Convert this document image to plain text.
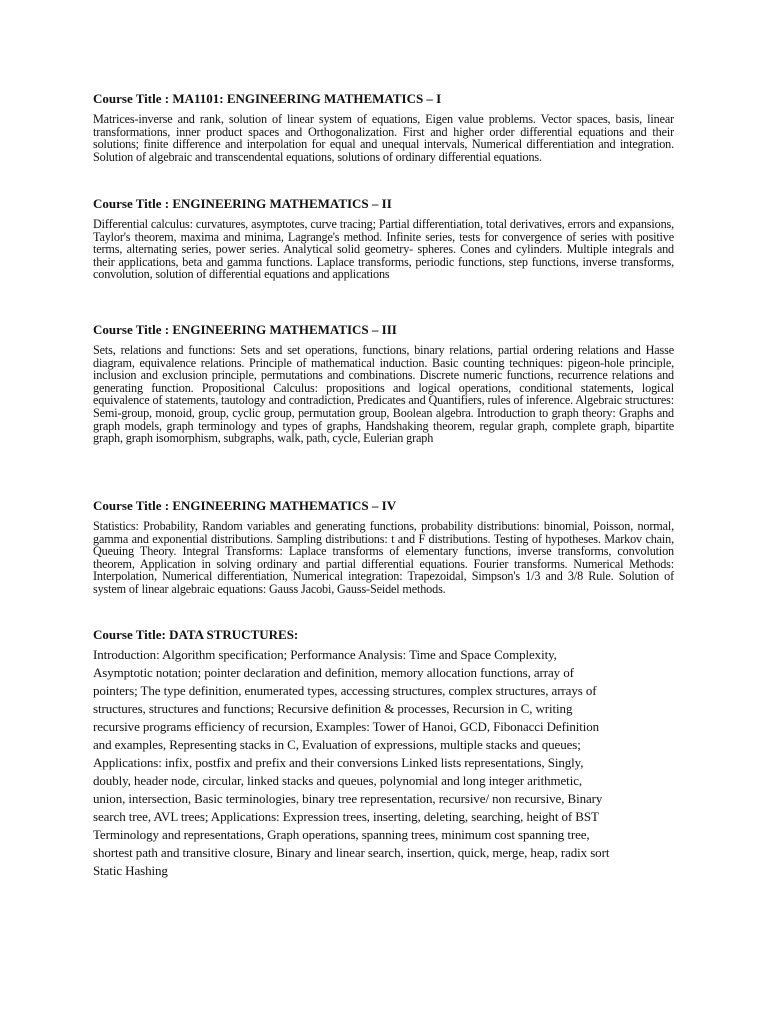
Course Title : MA1101: ENGINEERING MATHEMATICS – I

Matrices-inverse and rank, solution of linear system of equations, Eigen value problems. Vector spaces, basis, linear transformations, inner product spaces and Orthogonalization. First and higher order differential equations and their solutions; finite difference and interpolation for equal and unequal intervals, Numerical differentiation and integration. Solution of algebraic and transcendental equations, solutions of ordinary differential equations.

Course Title : ENGINEERING MATHEMATICS – II

Differential calculus: curvatures, asymptotes, curve tracing; Partial differentiation, total derivatives, errors and expansions, Taylor's theorem, maxima and minima, Lagrange's method. Infinite series, tests for convergence of series with positive terms, alternating series, power series. Analytical solid geometry- spheres. Cones and cylinders. Multiple integrals and their applications, beta and gamma functions. Laplace transforms, periodic functions, step functions, inverse transforms, convolution, solution of differential equations and applications

Course Title : ENGINEERING MATHEMATICS – III

Sets, relations and functions: Sets and set operations, functions, binary relations, partial ordering relations and Hasse diagram, equivalence relations. Principle of mathematical induction. Basic counting techniques: pigeon-hole principle, inclusion and exclusion principle, permutations and combinations. Discrete numeric functions, recurrence relations and generating function. Propositional Calculus: propositions and logical operations, conditional statements, logical equivalence of statements, tautology and contradiction, Predicates and Quantifiers, rules of inference. Algebraic structures: Semi-group, monoid, group, cyclic group, permutation group, Boolean algebra. Introduction to graph theory: Graphs and graph models, graph terminology and types of graphs, Handshaking theorem, regular graph, complete graph, bipartite graph, graph isomorphism, subgraphs, walk, path, cycle, Eulerian graph

Course Title : ENGINEERING MATHEMATICS – IV

Statistics: Probability, Random variables and generating functions, probability distributions: binomial, Poisson, normal, gamma and exponential distributions. Sampling distributions: t and F distributions. Testing of hypotheses. Markov chain, Queuing Theory. Integral Transforms: Laplace transforms of elementary functions, inverse transforms, convolution theorem, Application in solving ordinary and partial differential equations. Fourier transforms. Numerical Methods: Interpolation, Numerical differentiation, Numerical integration: Trapezoidal, Simpson's 1/3 and 3/8 Rule. Solution of system of linear algebraic equations: Gauss Jacobi, Gauss-Seidel methods.

Course Title: DATA STRUCTURES:

Introduction: Algorithm specification; Performance Analysis: Time and Space Complexity,
Asymptotic notation; pointer declaration and definition, memory allocation functions, array of
pointers; The type definition, enumerated types, accessing structures, complex structures, arrays of
structures, structures and functions; Recursive definition & processes, Recursion in C, writing
recursive programs efficiency of recursion, Examples: Tower of Hanoi, GCD, Fibonacci Definition
and examples, Representing stacks in C, Evaluation of expressions, multiple stacks and queues;
Applications: infix, postfix and prefix and their conversions Linked lists representations, Singly,
doubly, header node, circular, linked stacks and queues, polynomial and long integer arithmetic,
union, intersection, Basic terminologies, binary tree representation, recursive/ non recursive, Binary
search tree, AVL trees; Applications: Expression trees, inserting, deleting, searching, height of BST
Terminology and representations, Graph operations, spanning trees, minimum cost spanning tree,
shortest path and transitive closure, Binary and linear search, insertion, quick, merge, heap, radix sort
Static Hashing
